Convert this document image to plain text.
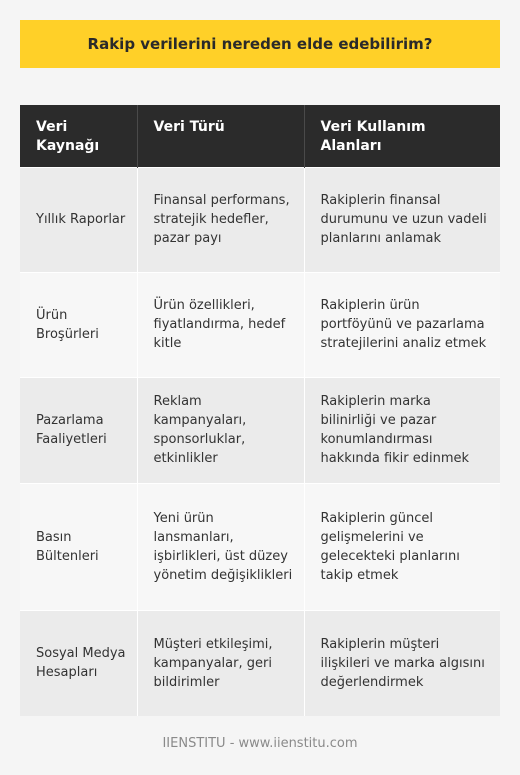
Rakip verilerini nereden elde edebilirim?
Veri Kaynağı	Veri Türü	Veri Kullanım Alanları
Yıllık Raporlar	Finansal performans, stratejik hedefler, pazar payı	Rakiplerin finansal durumunu ve uzun vadeli planlarını anlamak
Ürün Broşürleri	Ürün özellikleri, fiyatlandırma, hedef kitle	Rakiplerin ürün portföyünü ve pazarlama stratejilerini analiz etmek
Pazarlama Faaliyetleri	Reklam kampanyaları, sponsorluklar, etkinlikler	Rakiplerin marka bilinirliği ve pazar konumlandırması hakkında fikir edinmek
Basın Bültenleri	Yeni ürün lansmanları, işbirlikleri, üst düzey yönetim değişiklikleri	Rakiplerin güncel gelişmelerini ve gelecekteki planlarını takip etmek
Sosyal Medya Hesapları	Müşteri etkileşimi, kampanyalar, geri bildirimler	Rakiplerin müşteri ilişkileri ve marka algısını değerlendirmek
IIENSTITU - www.iienstitu.com
